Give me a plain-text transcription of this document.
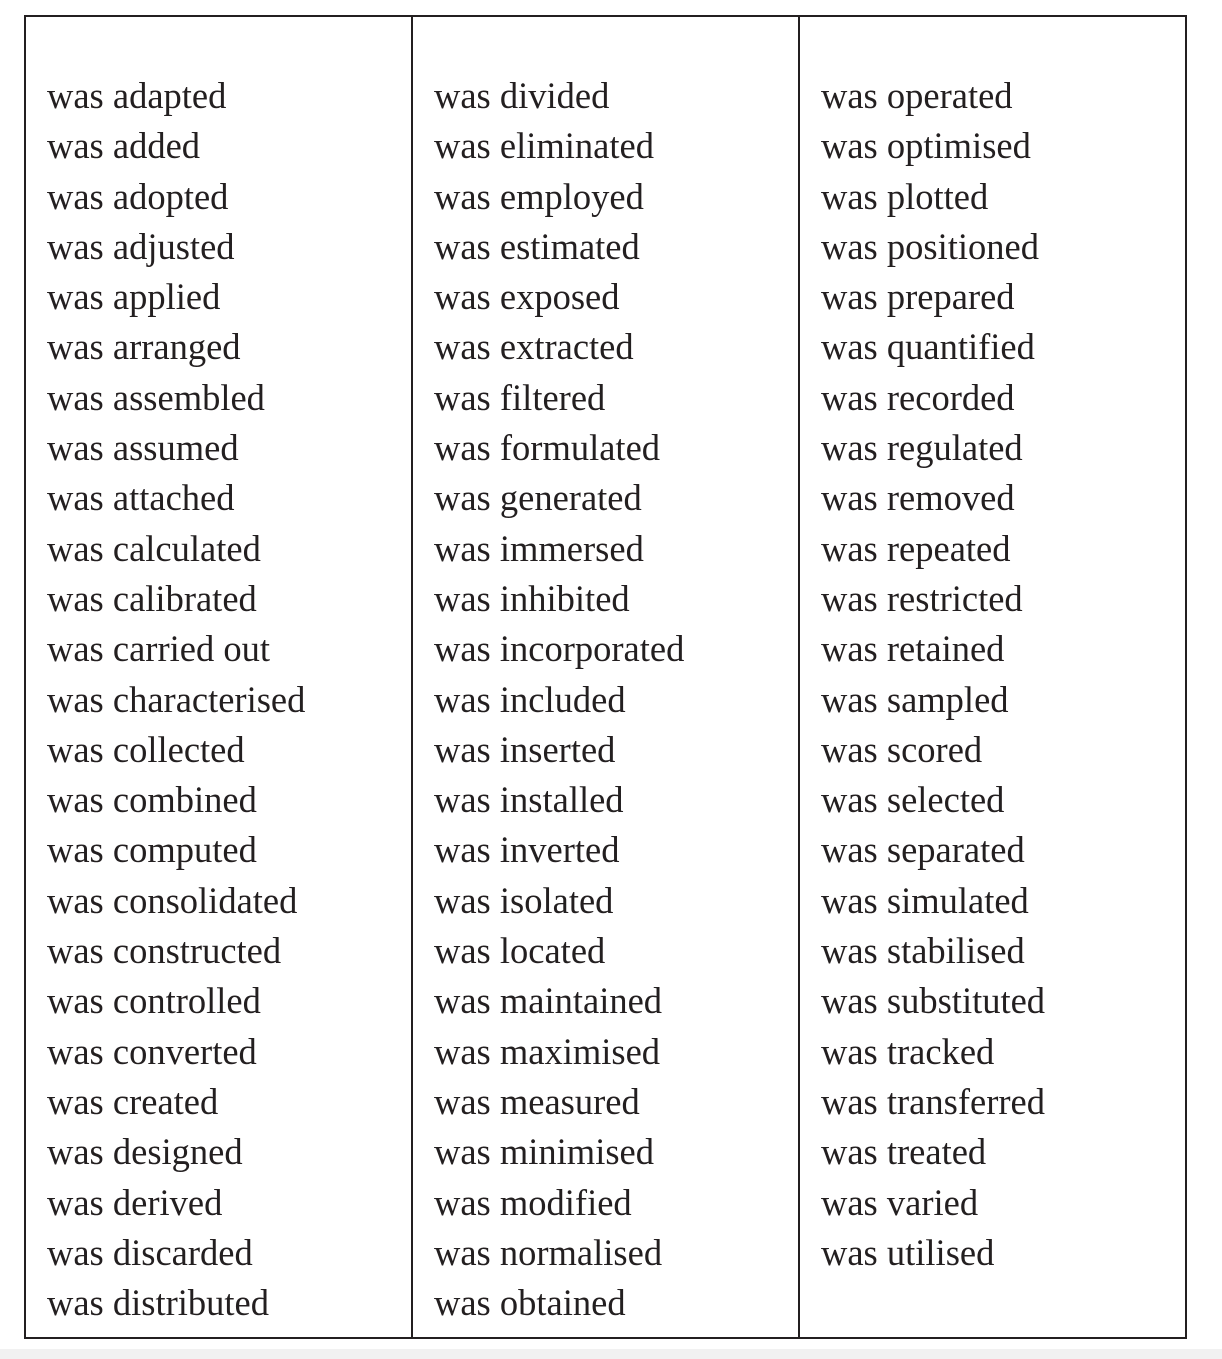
was adapted
was added
was adopted
was adjusted
was applied
was arranged
was assembled
was assumed
was attached
was calculated
was calibrated
was carried out
was characterised
was collected
was combined
was computed
was consolidated
was constructed
was controlled
was converted
was created
was designed
was derived
was discarded
was distributed
was divided
was eliminated
was employed
was estimated
was exposed
was extracted
was filtered
was formulated
was generated
was immersed
was inhibited
was incorporated
was included
was inserted
was installed
was inverted
was isolated
was located
was maintained
was maximised
was measured
was minimised
was modified
was normalised
was obtained
was operated
was optimised
was plotted
was positioned
was prepared
was quantified
was recorded
was regulated
was removed
was repeated
was restricted
was retained
was sampled
was scored
was selected
was separated
was simulated
was stabilised
was substituted
was tracked
was transferred
was treated
was varied
was utilised
